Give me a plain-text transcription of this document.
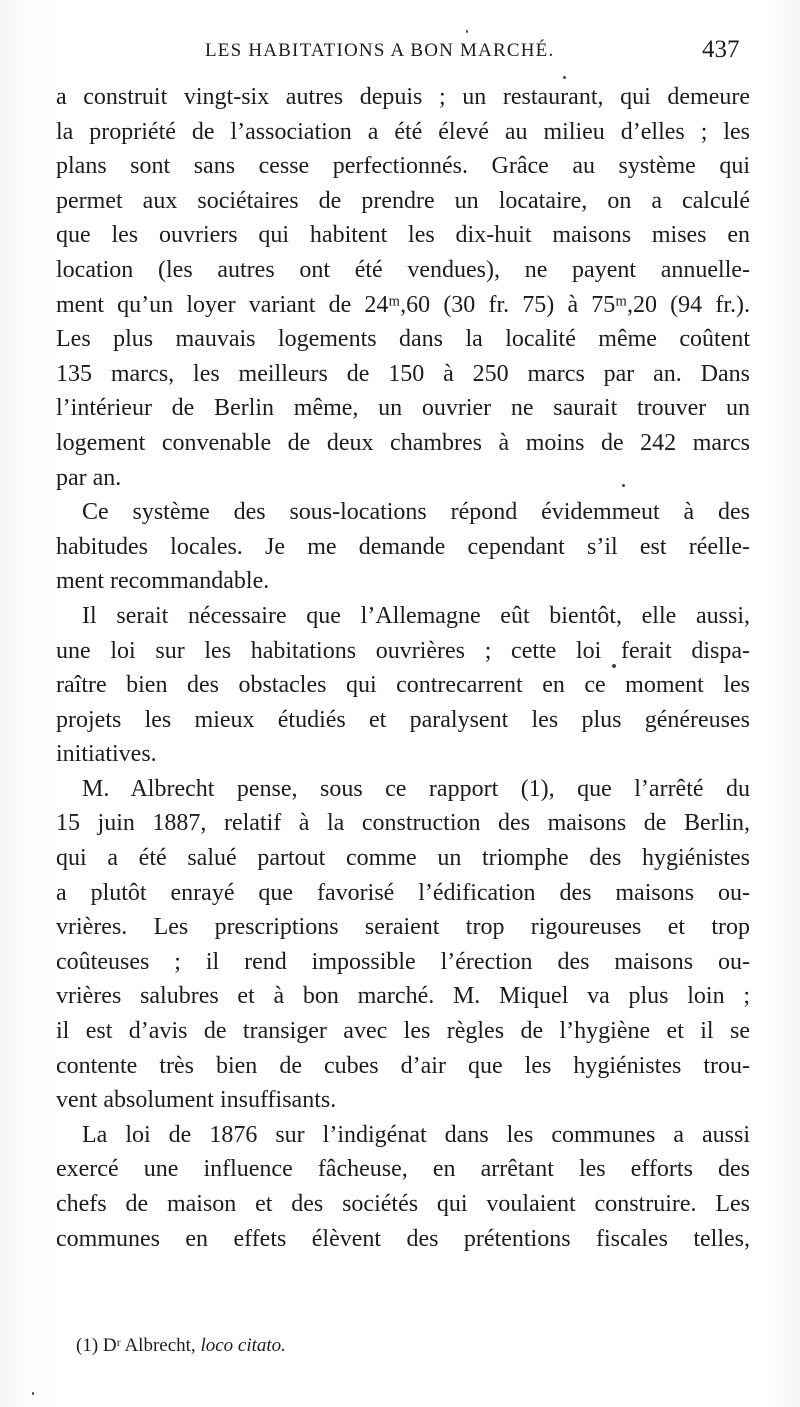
LES HABITATIONS A BON MARCHÉ.	437
a construit vingt-six autres depuis ; un restaurant, qui demeure
la propriété de l’association a été élevé au milieu d’elles ; les
plans sont sans cesse perfectionnés. Grâce au système qui
permet aux sociétaires de prendre un locataire, on a calculé
que les ouvriers qui habitent les dix-huit maisons mises en
location (les autres ont été vendues), ne payent annuelle-
ment qu’un loyer variant de 24ᵐ,60 (30 fr. 75) à 75ᵐ,20 (94 fr.).
Les plus mauvais logements dans la localité même coûtent
135 marcs, les meilleurs de 150 à 250 marcs par an. Dans
l’intérieur de Berlin même, un ouvrier ne saurait trouver un
logement convenable de deux chambres à moins de 242 marcs
par an.
Ce système des sous-locations répond évidemmeut à des
habitudes locales. Je me demande cependant s’il est réelle-
ment recommandable.
Il serait nécessaire que l’Allemagne eût bientôt, elle aussi,
une loi sur les habitations ouvrières ; cette loi ferait dispa-
raître bien des obstacles qui contrecarrent en ce moment les
projets les mieux étudiés et paralysent les plus généreuses
initiatives.
M. Albrecht pense, sous ce rapport (1), que l’arrêté du
15 juin 1887, relatif à la construction des maisons de Berlin,
qui a été salué partout comme un triomphe des hygiénistes
a plutôt enrayé que favorisé l’édification des maisons ou-
vrières. Les prescriptions seraient trop rigoureuses et trop
coûteuses ; il rend impossible l’érection des maisons ou-
vrières salubres et à bon marché. M. Miquel va plus loin ;
il est d’avis de transiger avec les règles de l’hygiène et il se
contente très bien de cubes d’air que les hygiénistes trou-
vent absolument insuffisants.
La loi de 1876 sur l’indigénat dans les communes a aussi
exercé une influence fâcheuse, en arrêtant les efforts des
chefs de maison et des sociétés qui voulaient construire. Les
communes en effets élèvent des prétentions fiscales telles,
(1) Dʳ Albrecht, loco citato.
